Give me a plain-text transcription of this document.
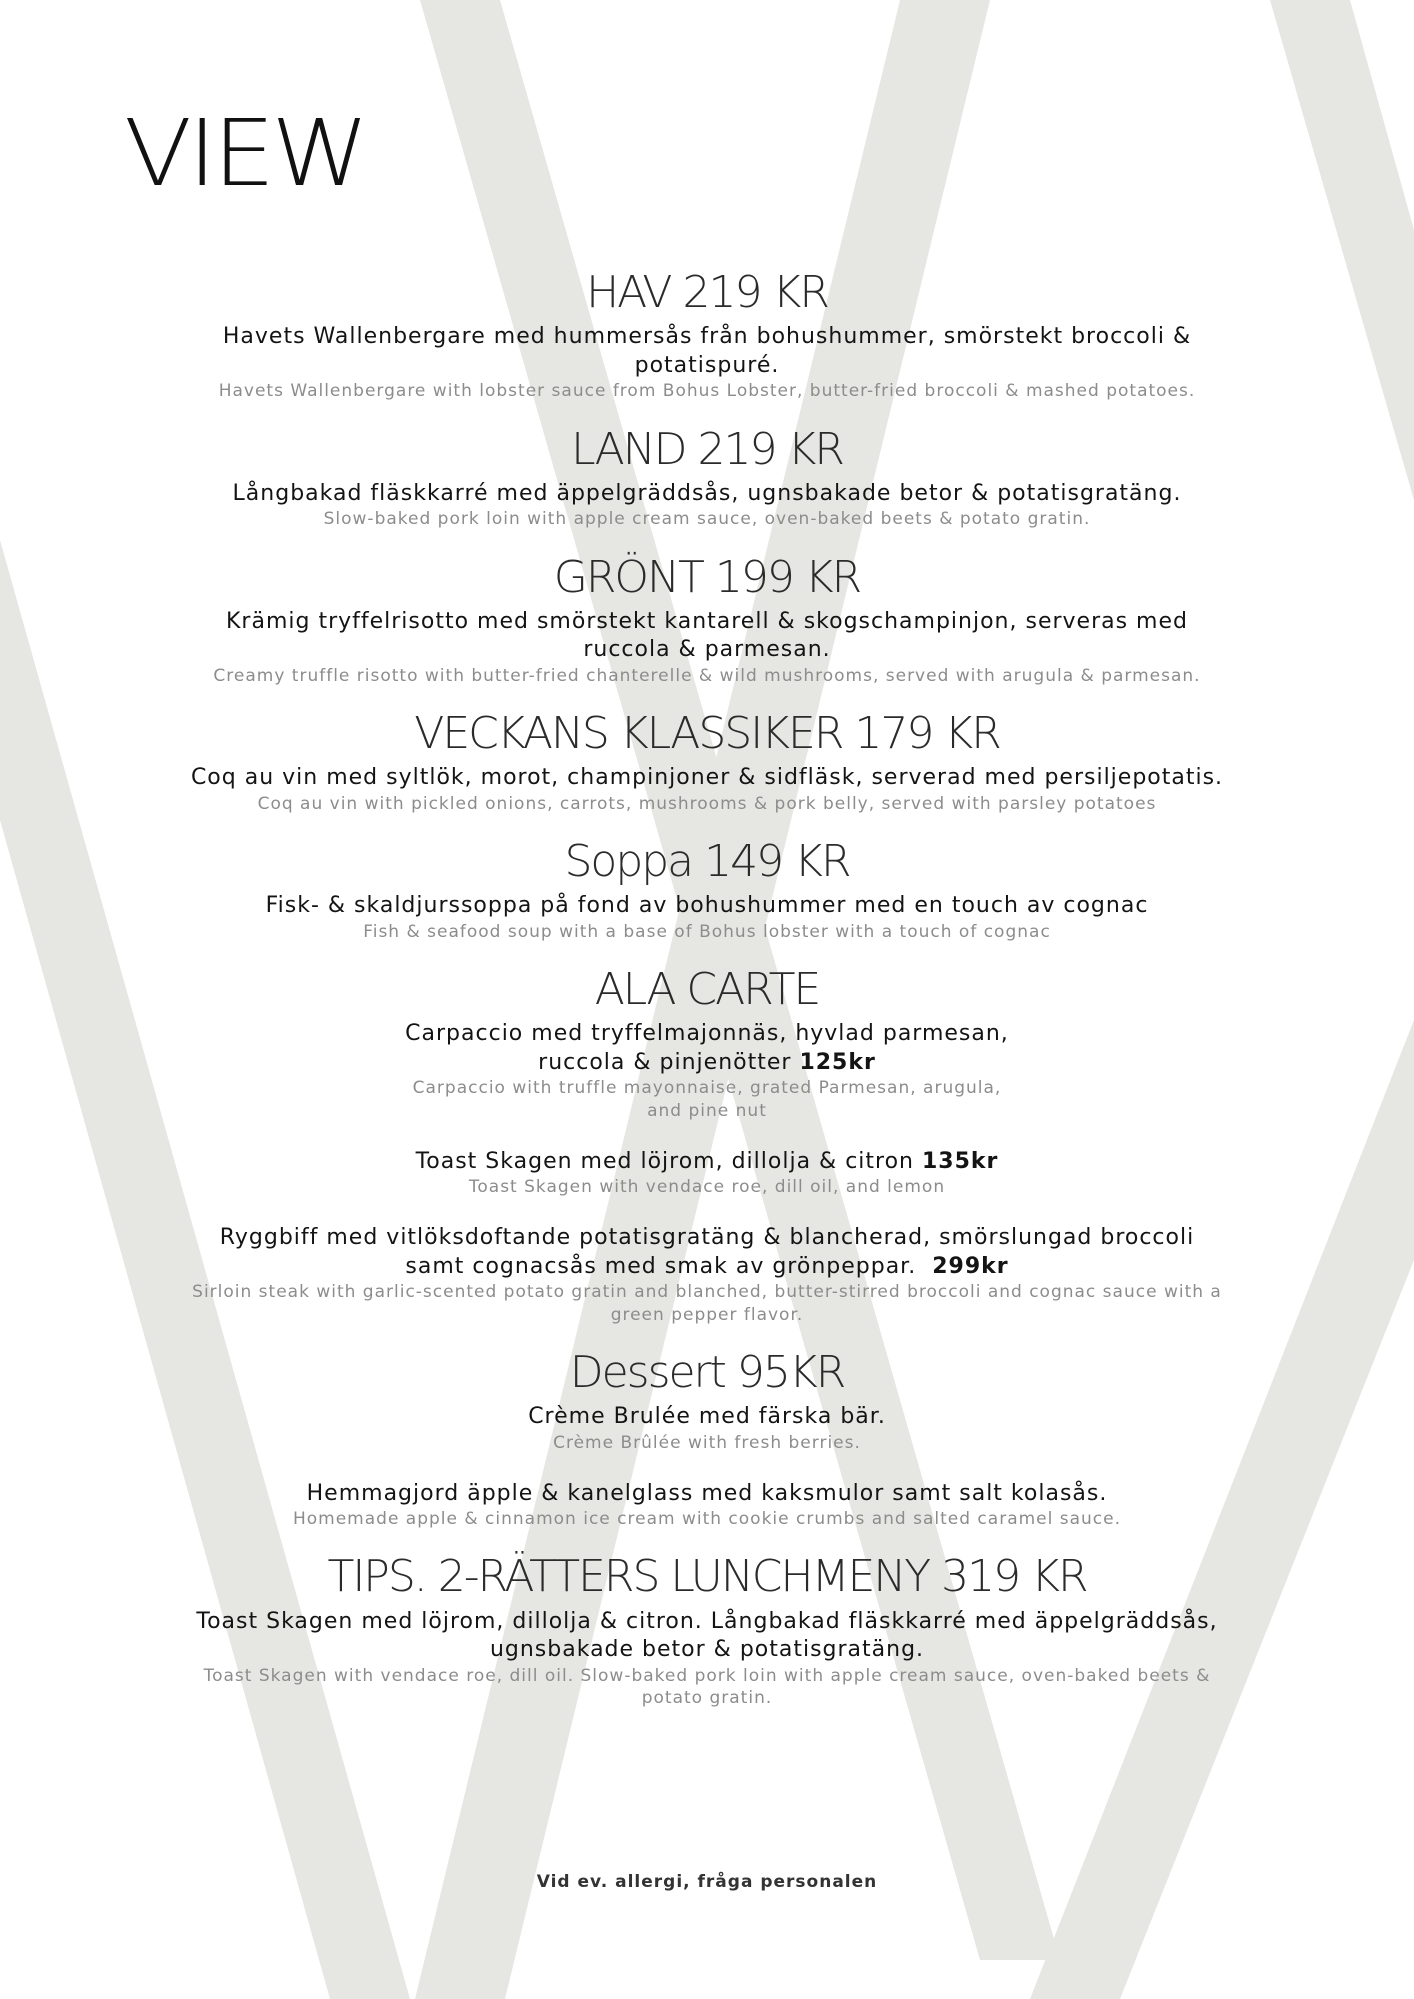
VIEW
HAV 219 KR

Havets Wallenbergare med hummersås från bohushummer, smörstekt broccoli & potatispuré.

Havets Wallenbergare with lobster sauce from Bohus Lobster, butter-fried broccoli & mashed potatoes.

LAND 219 KR

Långbakad fläskkarré med äppelgräddsås, ugnsbakade betor & potatisgratäng.

Slow-baked pork loin with apple cream sauce, oven-baked beets & potato gratin.

GRÖNT 199 KR

Krämig tryffelrisotto med smörstekt kantarell & skogschampinjon, serveras med ruccola & parmesan.

Creamy truffle risotto with butter-fried chanterelle & wild mushrooms, served with arugula & parmesan.

VECKANS KLASSIKER 179 KR

Coq au vin med syltlök, morot, champinjoner & sidfläsk, serverad med persiljepotatis.

Coq au vin with pickled onions, carrots, mushrooms & pork belly, served with parsley potatoes

Soppa 149 KR

Fisk- & skaldjurssoppa på fond av bohushummer med en touch av cognac

Fish & seafood soup with a base of Bohus lobster with a touch of cognac

ALA CARTE

Carpaccio med tryffelmajonnäs, hyvlad parmesan, ruccola & pinjenötter 125kr

Carpaccio with truffle mayonnaise, grated Parmesan, arugula, and pine nut

Toast Skagen med löjrom, dillolja & citron 135kr

Toast Skagen with vendace roe, dill oil, and lemon

Ryggbiff med vitlöksdoftande potatisgratäng & blancherad, smörslungad broccoli samt cognacsås med smak av grönpeppar. 299kr

Sirloin steak with garlic-scented potato gratin and blanched, butter-stirred broccoli and cognac sauce with a green pepper flavor.

Dessert 95KR

Crème Brulée med färska bär.

Crème Brûlée with fresh berries.

Hemmagjord äpple & kanelglass med kaksmulor samt salt kolasås.

Homemade apple & cinnamon ice cream with cookie crumbs and salted caramel sauce.

TIPS. 2-RÄTTERS LUNCHMENY 319 KR

Toast Skagen med löjrom, dillolja & citron. Långbakad fläskkarré med äppelgräddsås, ugnsbakade betor & potatisgratäng.

Toast Skagen with vendace roe, dill oil. Slow-baked pork loin with apple cream sauce, oven-baked beets & potato gratin.

Vid ev. allergi, fråga personalen
